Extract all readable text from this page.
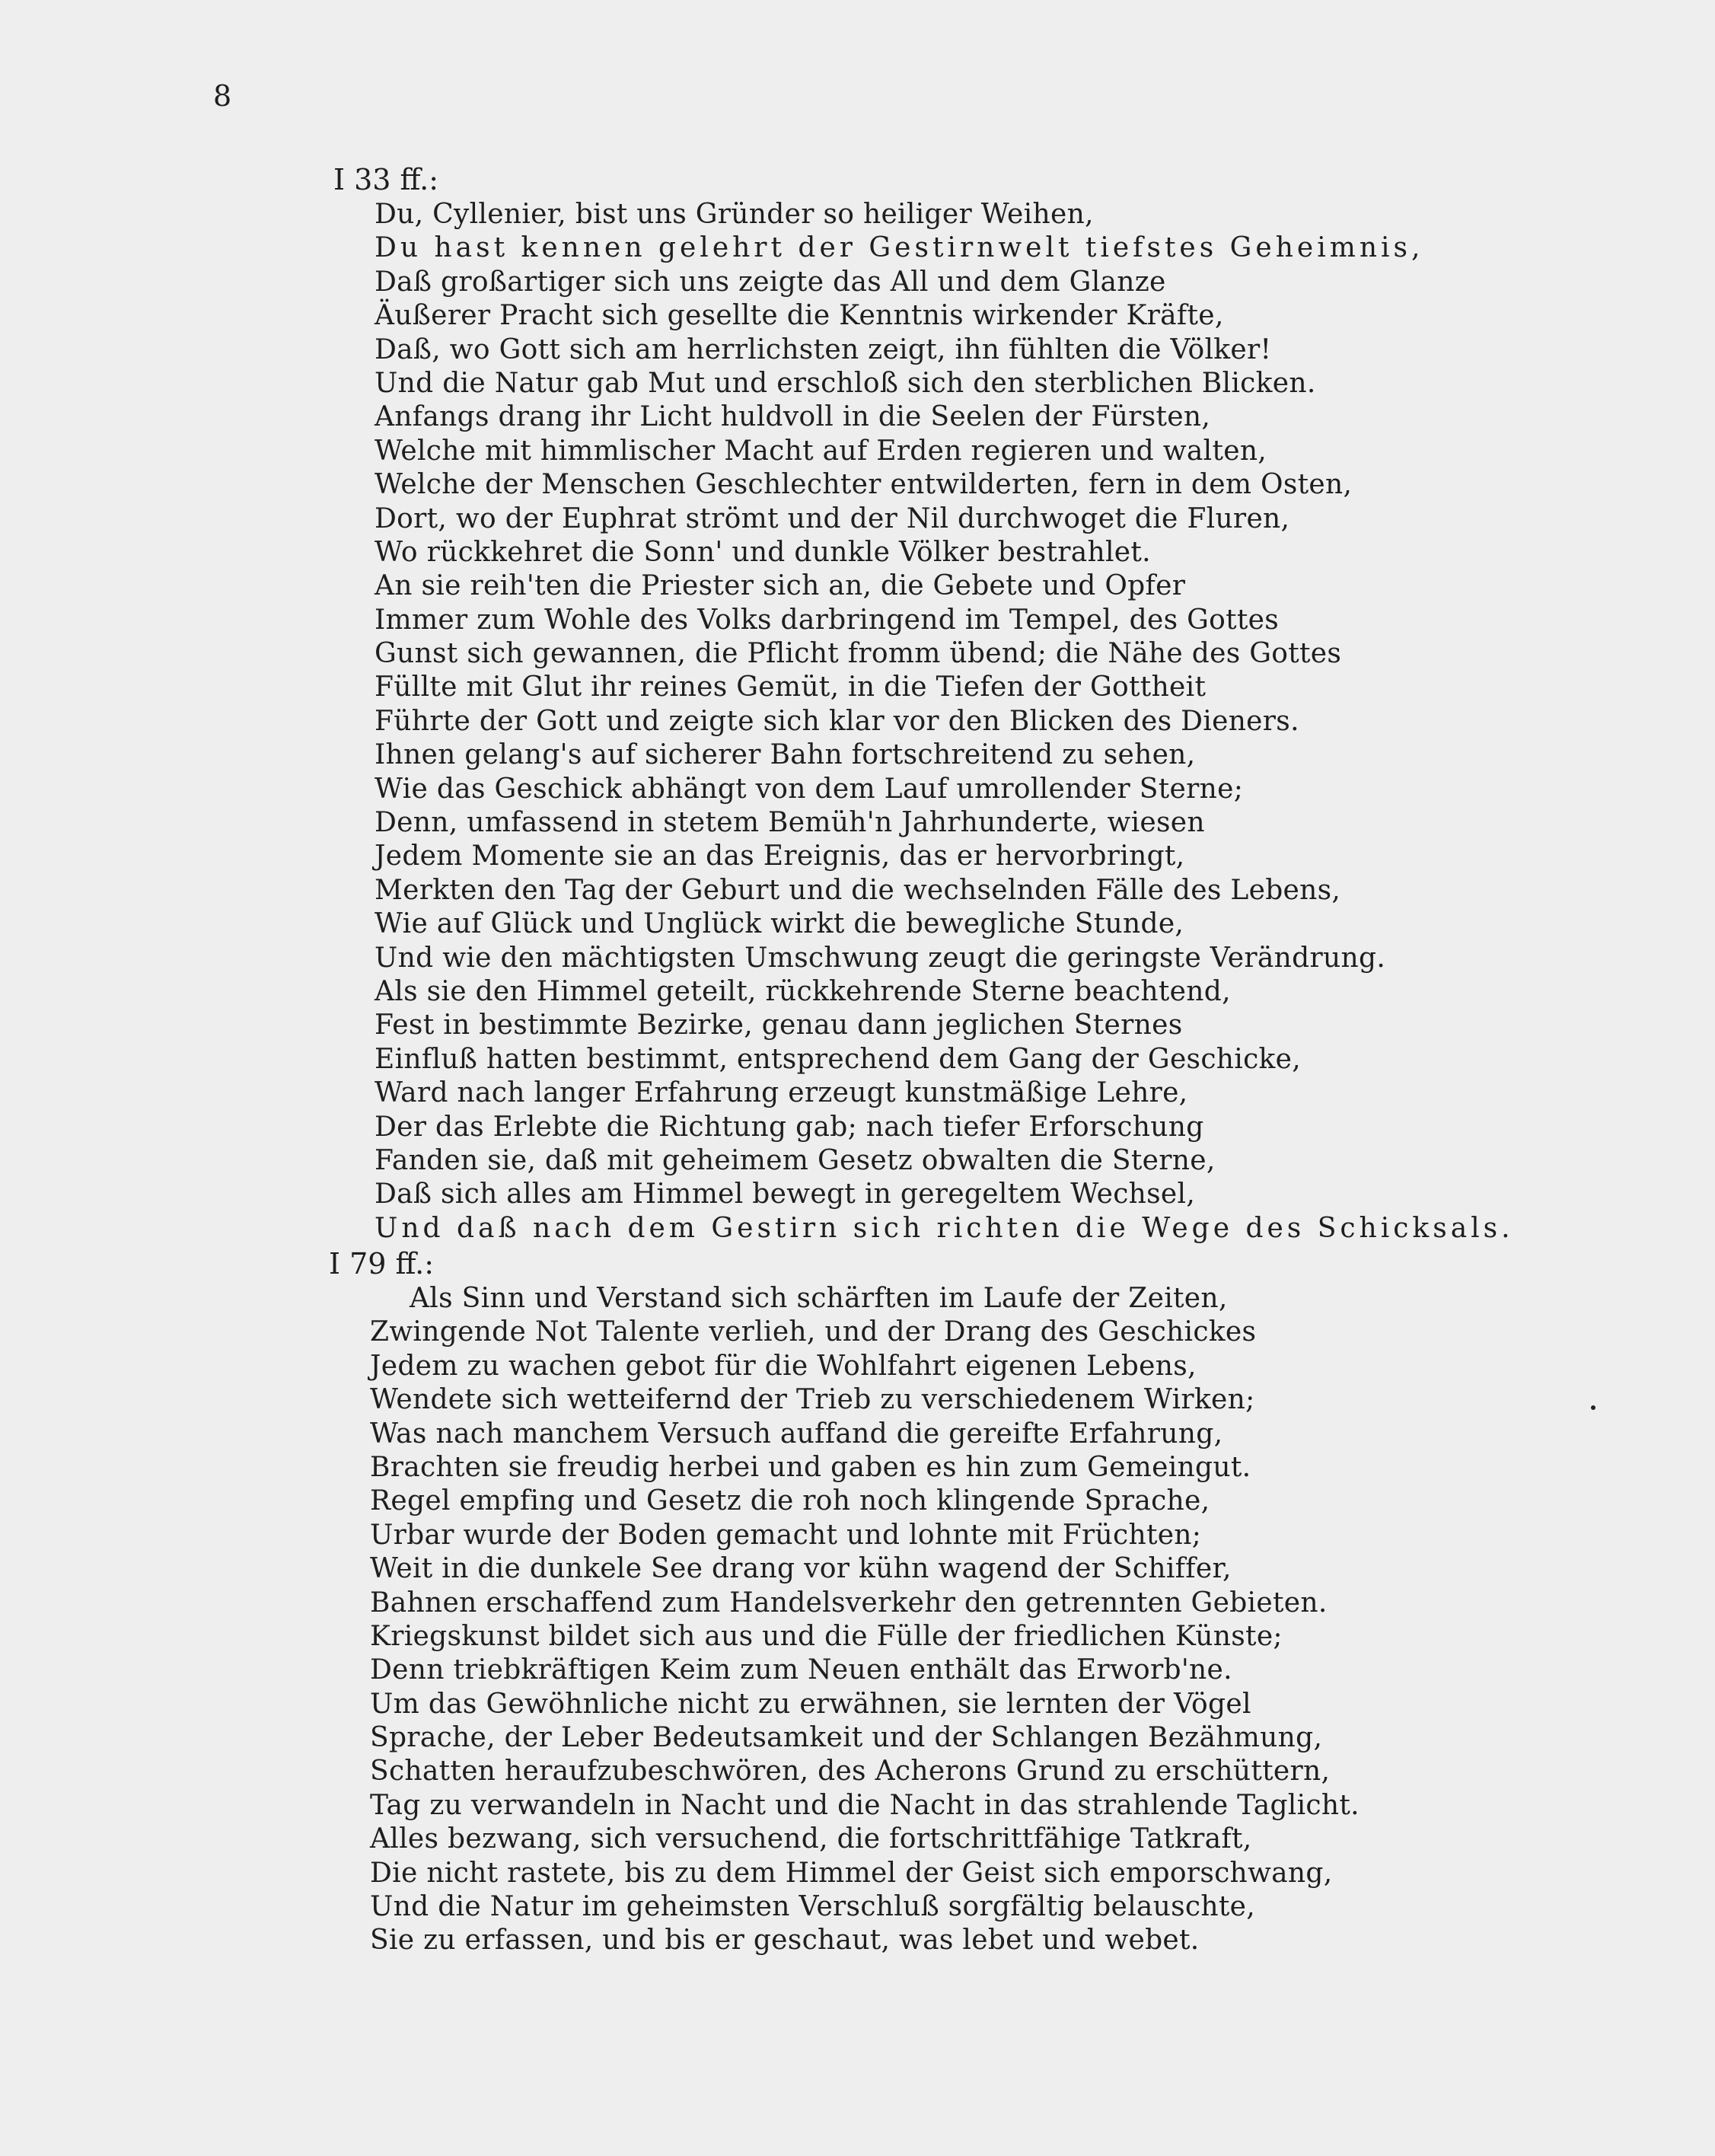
8
I 33 ff.:
Du, Cyllenier, bist uns Gründer so heiliger Weihen,
Du hast kennen gelehrt der Gestirnwelt tiefstes Geheimnis,
Daß großartiger sich uns zeigte das All und dem Glanze
Äußerer Pracht sich gesellte die Kenntnis wirkender Kräfte,
Daß, wo Gott sich am herrlichsten zeigt, ihn fühlten die Völker!
Und die Natur gab Mut und erschloß sich den sterblichen Blicken.
Anfangs drang ihr Licht huldvoll in die Seelen der Fürsten,
Welche mit himmlischer Macht auf Erden regieren und walten,
Welche der Menschen Geschlechter entwilderten, fern in dem Osten,
Dort, wo der Euphrat strömt und der Nil durchwoget die Fluren,
Wo rückkehret die Sonn' und dunkle Völker bestrahlet.
An sie reih'ten die Priester sich an, die Gebete und Opfer
Immer zum Wohle des Volks darbringend im Tempel, des Gottes
Gunst sich gewannen, die Pflicht fromm übend; die Nähe des Gottes
Füllte mit Glut ihr reines Gemüt, in die Tiefen der Gottheit
Führte der Gott und zeigte sich klar vor den Blicken des Dieners.
Ihnen gelang's auf sicherer Bahn fortschreitend zu sehen,
Wie das Geschick abhängt von dem Lauf umrollender Sterne;
Denn, umfassend in stetem Bemüh'n Jahrhunderte, wiesen
Jedem Momente sie an das Ereignis, das er hervorbringt,
Merkten den Tag der Geburt und die wechselnden Fälle des Lebens,
Wie auf Glück und Unglück wirkt die bewegliche Stunde,
Und wie den mächtigsten Umschwung zeugt die geringste Verändrung.
Als sie den Himmel geteilt, rückkehrende Sterne beachtend,
Fest in bestimmte Bezirke, genau dann jeglichen Sternes
Einfluß hatten bestimmt, entsprechend dem Gang der Geschicke,
Ward nach langer Erfahrung erzeugt kunstmäßige Lehre,
Der das Erlebte die Richtung gab; nach tiefer Erforschung
Fanden sie, daß mit geheimem Gesetz obwalten die Sterne,
Daß sich alles am Himmel bewegt in geregeltem Wechsel,
Und daß nach dem Gestirn sich richten die Wege des Schicksals.
I 79 ff.:
Als Sinn und Verstand sich schärften im Laufe der Zeiten,
Zwingende Not Talente verlieh, und der Drang des Geschickes
Jedem zu wachen gebot für die Wohlfahrt eigenen Lebens,
Wendete sich wetteifernd der Trieb zu verschiedenem Wirken;
Was nach manchem Versuch auffand die gereifte Erfahrung,
Brachten sie freudig herbei und gaben es hin zum Gemeingut.
Regel empfing und Gesetz die roh noch klingende Sprache,
Urbar wurde der Boden gemacht und lohnte mit Früchten;
Weit in die dunkele See drang vor kühn wagend der Schiffer,
Bahnen erschaffend zum Handelsverkehr den getrennten Gebieten.
Kriegskunst bildet sich aus und die Fülle der friedlichen Künste;
Denn triebkräftigen Keim zum Neuen enthält das Erworb'ne.
Um das Gewöhnliche nicht zu erwähnen, sie lernten der Vögel
Sprache, der Leber Bedeutsamkeit und der Schlangen Bezähmung,
Schatten heraufzubeschwören, des Acherons Grund zu erschüttern,
Tag zu verwandeln in Nacht und die Nacht in das strahlende Taglicht.
Alles bezwang, sich versuchend, die fortschrittfähige Tatkraft,
Die nicht rastete, bis zu dem Himmel der Geist sich emporschwang,
Und die Natur im geheimsten Verschluß sorgfältig belauschte,
Sie zu erfassen, und bis er geschaut, was lebet und webet.
